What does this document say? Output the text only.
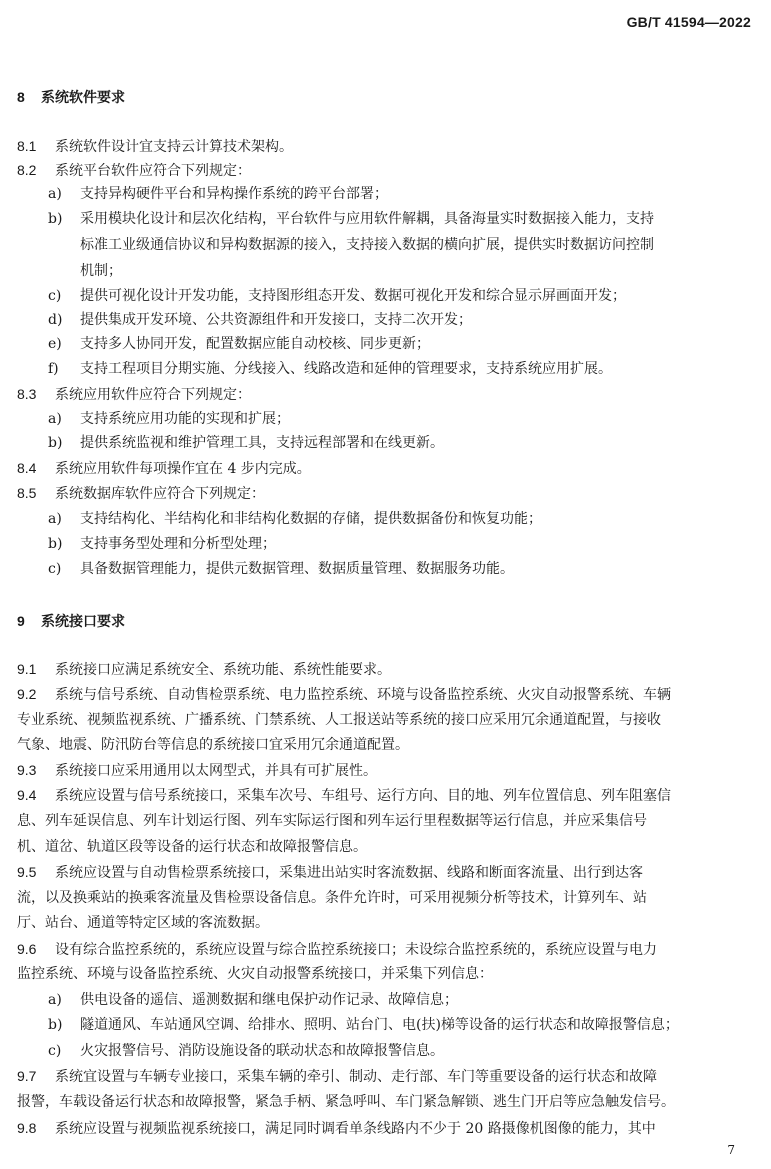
GB/T 41594—2022
8 系统软件要求
8.1 系统软件设计宜支持云计算技术架构。
8.2 系统平台软件应符合下列规定：
a) 支持异构硬件平台和异构操作系统的跨平台部署；
b) 采用模块化设计和层次化结构，平台软件与应用软件解耦，具备海量实时数据接入能力，支持
标准工业级通信协议和异构数据源的接入，支持接入数据的横向扩展，提供实时数据访问控制
机制；
c) 提供可视化设计开发功能，支持图形组态开发、数据可视化开发和综合显示屏画面开发；
d) 提供集成开发环境、公共资源组件和开发接口，支持二次开发；
e) 支持多人协同开发，配置数据应能自动校核、同步更新；
f) 支持工程项目分期实施、分线接入、线路改造和延伸的管理要求，支持系统应用扩展。
8.3 系统应用软件应符合下列规定：
a) 支持系统应用功能的实现和扩展；
b) 提供系统监视和维护管理工具，支持远程部署和在线更新。
8.4 系统应用软件每项操作宜在 4 步内完成。
8.5 系统数据库软件应符合下列规定：
a) 支持结构化、半结构化和非结构化数据的存储，提供数据备份和恢复功能；
b) 支持事务型处理和分析型处理；
c) 具备数据管理能力，提供元数据管理、数据质量管理、数据服务功能。
9 系统接口要求
9.1 系统接口应满足系统安全、系统功能、系统性能要求。
9.2 系统与信号系统、自动售检票系统、电力监控系统、环境与设备监控系统、火灾自动报警系统、车辆
专业系统、视频监视系统、广播系统、门禁系统、人工报送站等系统的接口应采用冗余通道配置，与接收
气象、地震、防汛防台等信息的系统接口宜采用冗余通道配置。
9.3 系统接口应采用通用以太网型式，并具有可扩展性。
9.4 系统应设置与信号系统接口，采集车次号、车组号、运行方向、目的地、列车位置信息、列车阻塞信
息、列车延误信息、列车计划运行图、列车实际运行图和列车运行里程数据等运行信息，并应采集信号
机、道岔、轨道区段等设备的运行状态和故障报警信息。
9.5 系统应设置与自动售检票系统接口，采集进出站实时客流数据、线路和断面客流量、出行到达客
流，以及换乘站的换乘客流量及售检票设备信息。条件允许时，可采用视频分析等技术，计算列车、站
厅、站台、通道等特定区域的客流数据。
9.6 设有综合监控系统的，系统应设置与综合监控系统接口；未设综合监控系统的，系统应设置与电力
监控系统、环境与设备监控系统、火灾自动报警系统接口，并采集下列信息：
a) 供电设备的遥信、遥测数据和继电保护动作记录、故障信息；
b) 隧道通风、车站通风空调、给排水、照明、站台门、电(扶)梯等设备的运行状态和故障报警信息；
c) 火灾报警信号、消防设施设备的联动状态和故障报警信息。
9.7 系统宜设置与车辆专业接口，采集车辆的牵引、制动、走行部、车门等重要设备的运行状态和故障
报警，车载设备运行状态和故障报警，紧急手柄、紧急呼叫、车门紧急解锁、逃生门开启等应急触发信号。
9.8 系统应设置与视频监视系统接口，满足同时调看单条线路内不少于 20 路摄像机图像的能力，其中
7
